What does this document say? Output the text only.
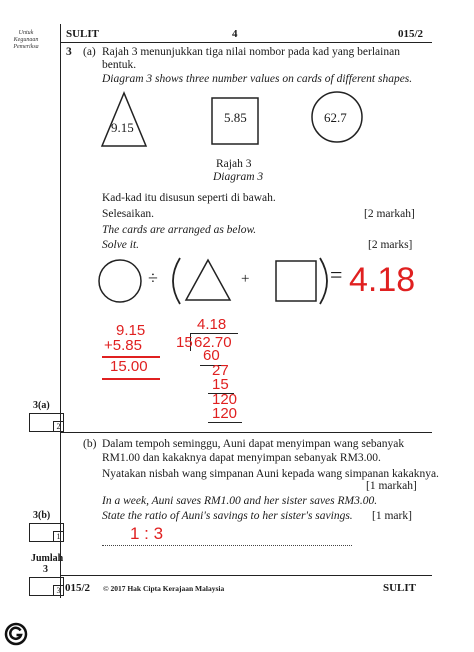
Untuk Kegunaan Pemeriksa
SULIT	4	015/2
3 (a) Rajah 3 menunjukkan tiga nilai nombor pada kad yang berlainan
bentuk.
Diagram 3 shows three number values on cards of different shapes.
9.15
5.85	62.7
Rajah 3
Diagram 3
Kad-kad itu disusun seperti di bawah.
Selesaikan.	[2 markah]
The cards are arranged as below.
Solve it.	[2 marks]
÷	+	= 4.18
9.15
+5.85
15.00
4.18
15 62.70
60
27
15
120
120
3(a)
2
(b) Dalam tempoh seminggu, Auni dapat menyimpan wang sebanyak
RM1.00 dan kakaknya dapat menyimpan sebanyak RM3.00.
Nyatakan nisbah wang simpanan Auni kepada wang simpanan kakaknya.
[1 markah]
In a week, Auni saves RM1.00 and her sister saves RM3.00.
State the ratio of Auni's savings to her sister's savings. [1 mark]
1 : 3
3(b)
1
Jumlah
3
3 015/2 © 2017 Hak Cipta Kerajaan Malaysia	SULIT
